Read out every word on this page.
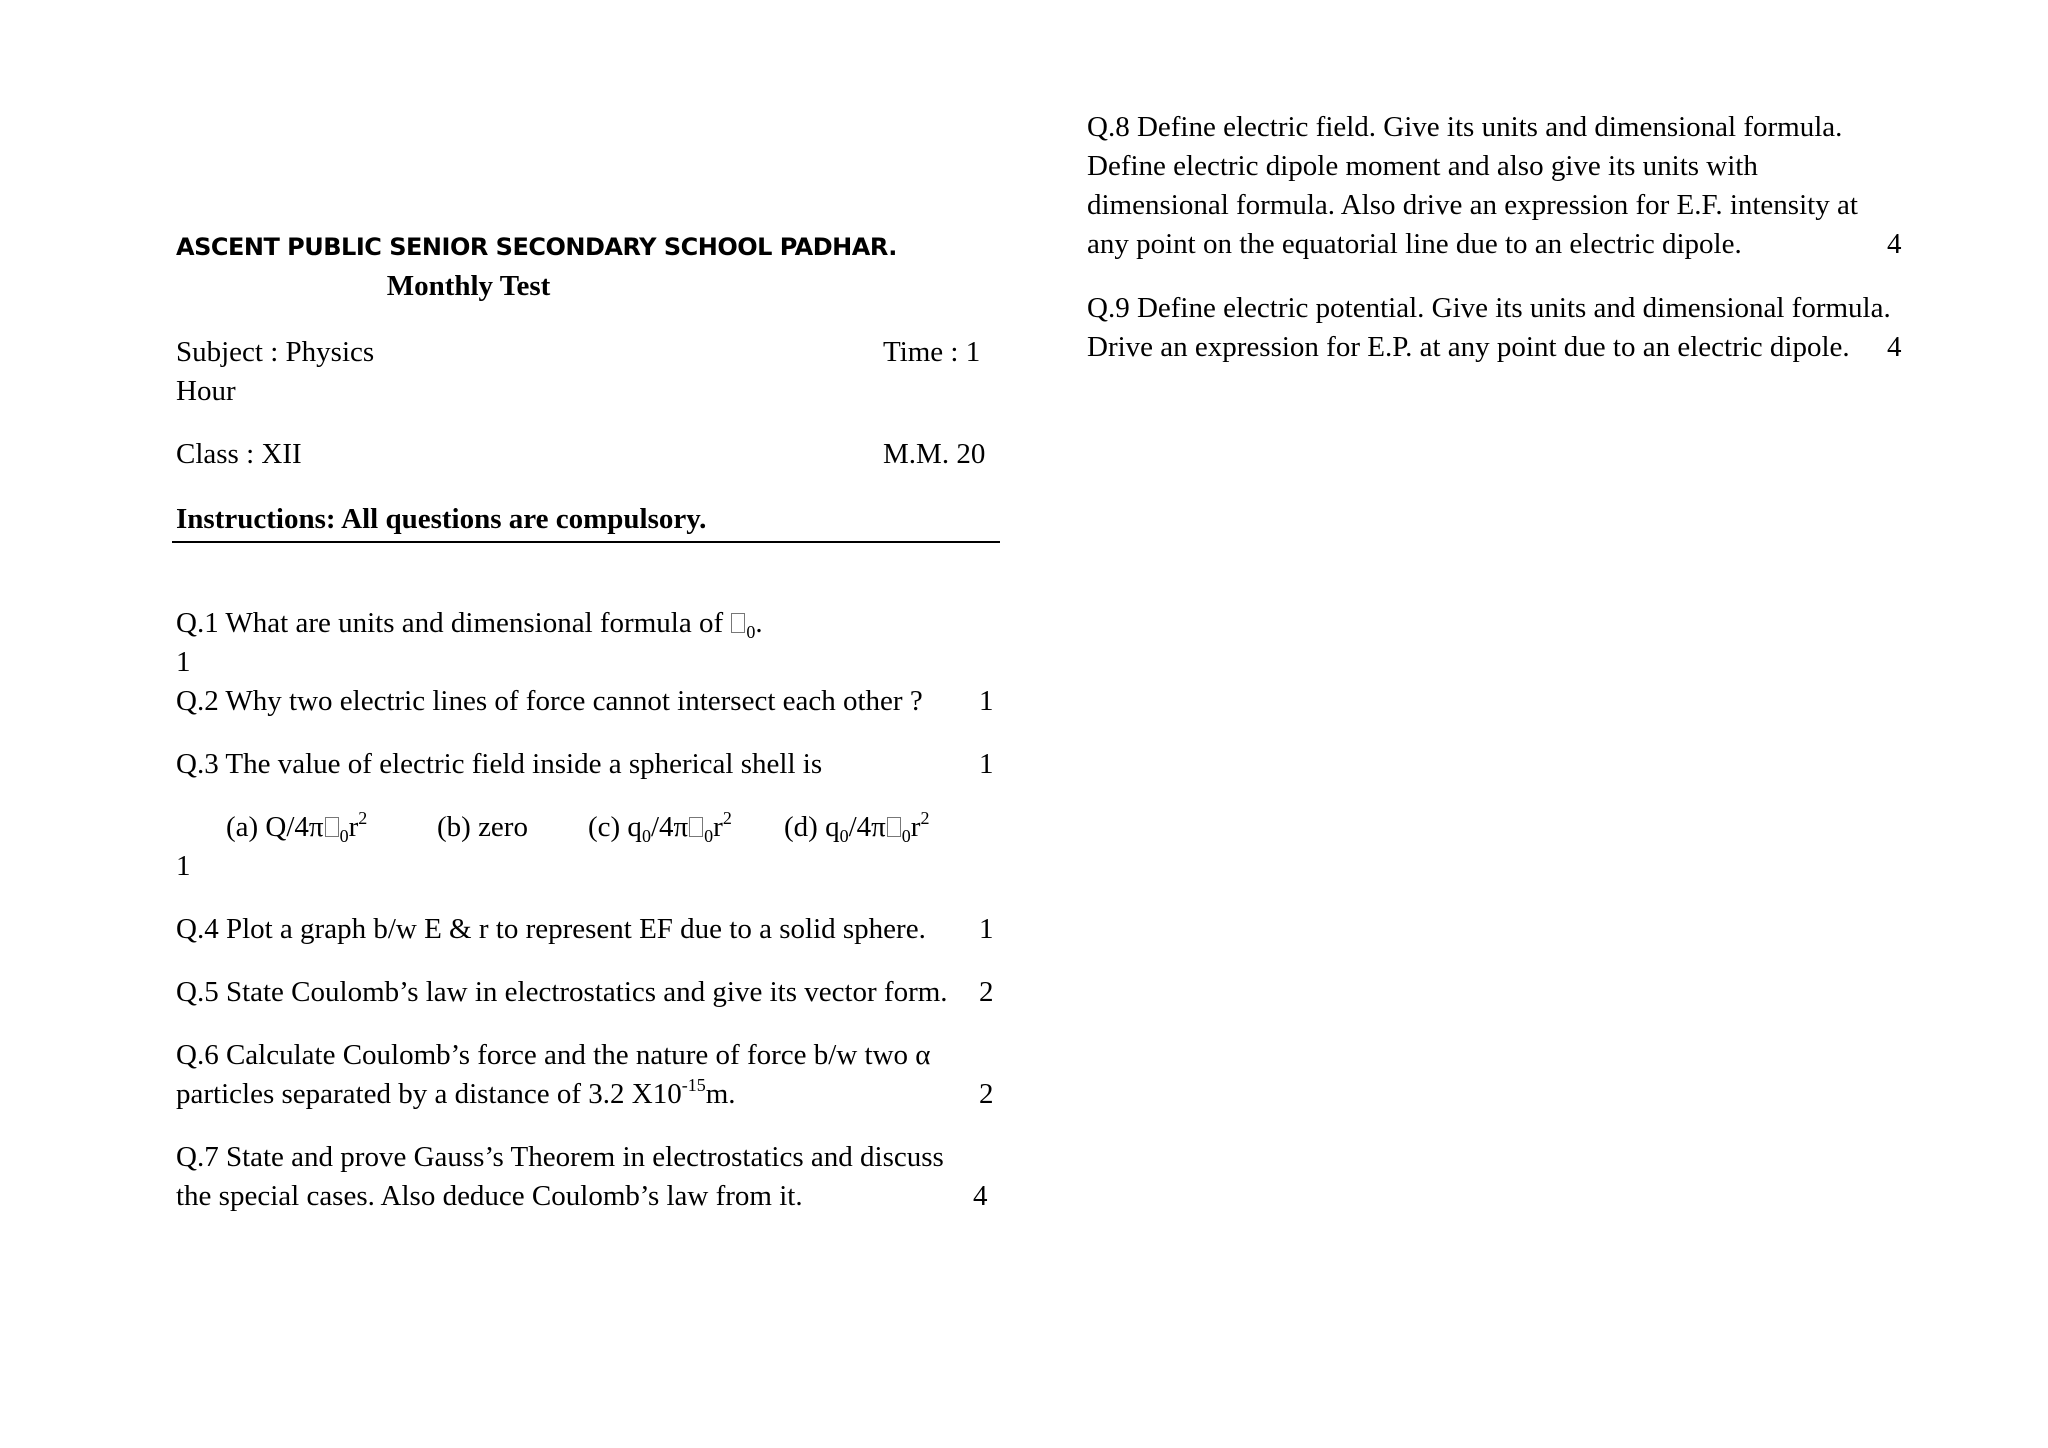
ASCENT PUBLIC SENIOR SECONDARY SCHOOL PADHAR.
Monthly Test
Subject : Physics	Time : 1
Hour
Class : XII	M.M. 20
Instructions: All questions are compulsory.
Q.1 What are units and dimensional formula of $_0$.
1
Q.2 Why two electric lines of force cannot intersect each other ? 1
Q.3 The value of electric field inside a spherical shell is	1
(a) Q/4π $_0r^2$ (b) zero (c) $q_0/4\pi$ $_0r^2$ (d) $q_0/4\pi$ $_0r^2$
1
Q.4 Plot a graph b/w E & r to represent EF due to a solid sphere. 1
Q.5 State Coulomb’s law in electrostatics and give its vector form. 2
Q.6 Calculate Coulomb’s force and the nature of force b/w two α
particles separated by a distance of 3.2 $X10^{-15}m$.	2
Q.7 State and prove Gauss’s Theorem in electrostatics and discuss
the special cases. Also deduce Coulomb’s law from it.	4
Q.8 Define electric field. Give its units and dimensional formula.
Define electric dipole moment and also give its units with
dimensional formula. Also drive an expression for E.F. intensity at
any point on the equatorial line due to an electric dipole.	4
Q.9 Define electric potential. Give its units and dimensional formula.
Drive an expression for E.P. at any point due to an electric dipole. 4
